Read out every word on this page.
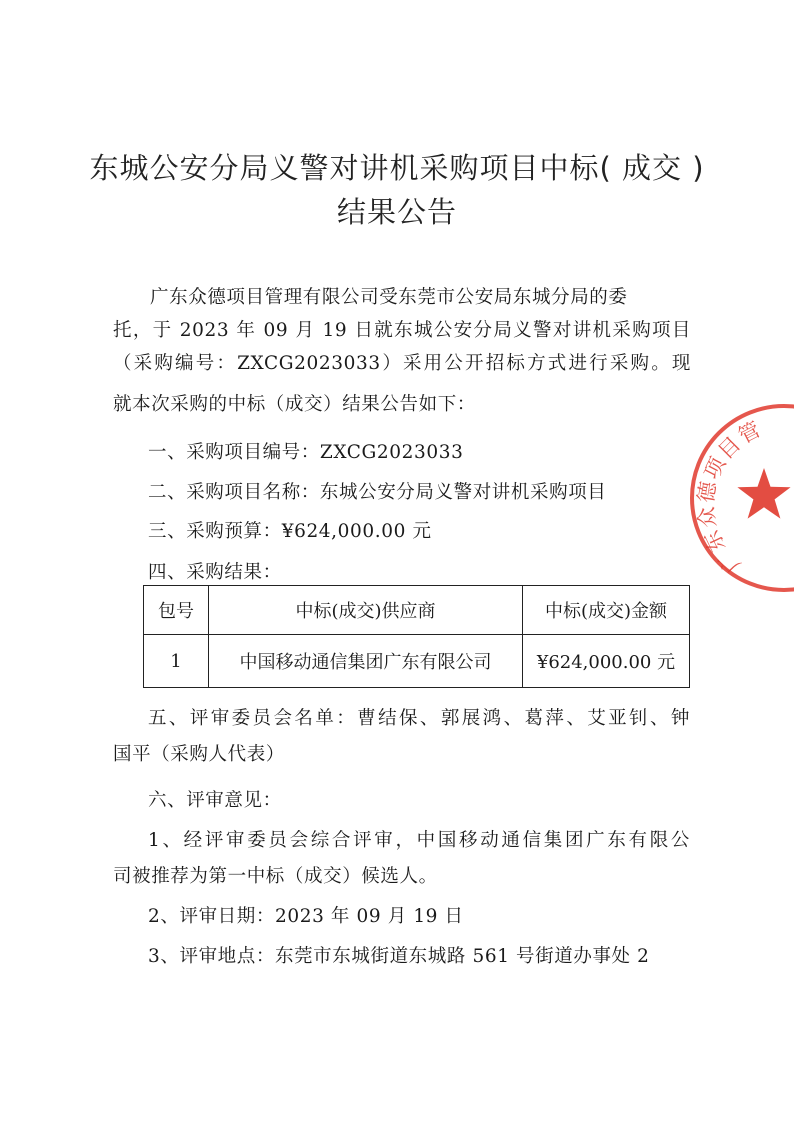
东城公安分局义警对讲机采购项目中标( 成交 )
结果公告
广东众德项目管理有限公司受东莞市公安局东城分局的委
托，于 2023 年 09 月 19 日就东城公安分局义警对讲机采购项目
（采购编号：ZXCG2023033）采用公开招标方式进行采购。现
就本次采购的中标（成交）结果公告如下：
一、采购项目编号：ZXCG2023033
二、采购项目名称：东城公安分局义警对讲机采购项目
三、采购预算：¥624,000.00 元
四、采购结果：
包号	中标(成交)供应商	中标(成交)金额
1	中国移动通信集团广东有限公司	¥624,000.00 元
五、评审委员会名单：曹结保、郭展鸿、葛萍、艾亚钊、钟
国平（采购人代表）
六、评审意见：
1、经评审委员会综合评审，中国移动通信集团广东有限公
司被推荐为第一中标（成交）候选人。
2、评审日期：2023 年 09 月 19 日
3、评审地点：东莞市东城街道东城路 561 号街道办事处 2
广东众德项目管
